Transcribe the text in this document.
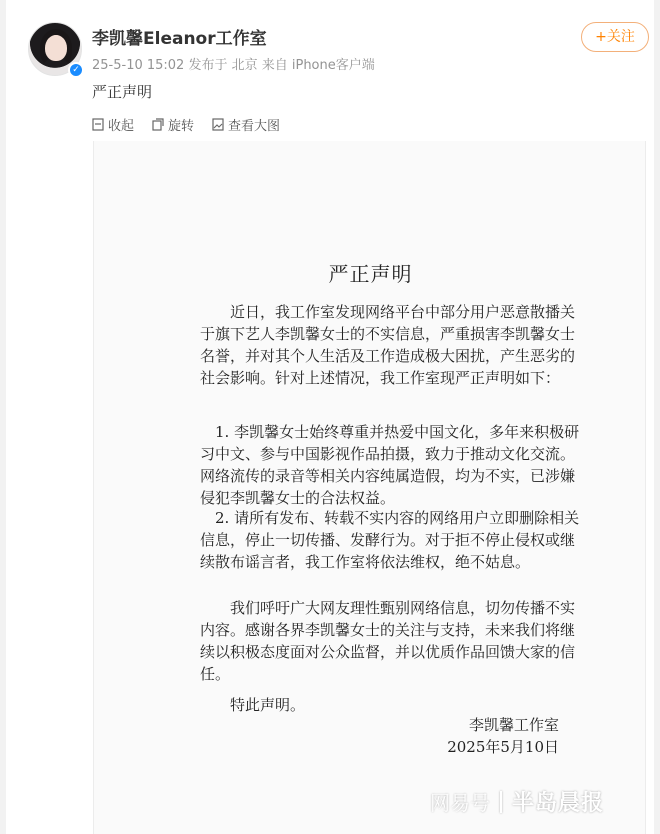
✓
李凯馨Eleanor工作室
25-5-10 15:02 发布于 北京 来自 iPhone客户端
+关注
严正声明
收起	旋转	查看大图
严正声明
近日，我工作室发现网络平台中部分用户恶意散播关于旗下艺人李凯馨女士的不实信息，严重损害李凯馨女士名誉，并对其个人生活及工作造成极大困扰，产生恶劣的社会影响。针对上述情况，我工作室现严正声明如下：
1. 李凯馨女士始终尊重并热爱中国文化，多年来积极研习中文、参与中国影视作品拍摄，致力于推动文化交流。网络流传的录音等相关内容纯属造假，均为不实，已涉嫌侵犯李凯馨女士的合法权益。
2. 请所有发布、转载不实内容的网络用户立即删除相关信息，停止一切传播、发酵行为。对于拒不停止侵权或继续散布谣言者，我工作室将依法维权，绝不姑息。
我们呼吁广大网友理性甄别网络信息，切勿传播不实内容。感谢各界李凯馨女士的关注与支持，未来我们将继续以积极态度面对公众监督，并以优质作品回馈大家的信任。
特此声明。
李凯馨工作室
2025年5月10日
网易号 半岛晨报
